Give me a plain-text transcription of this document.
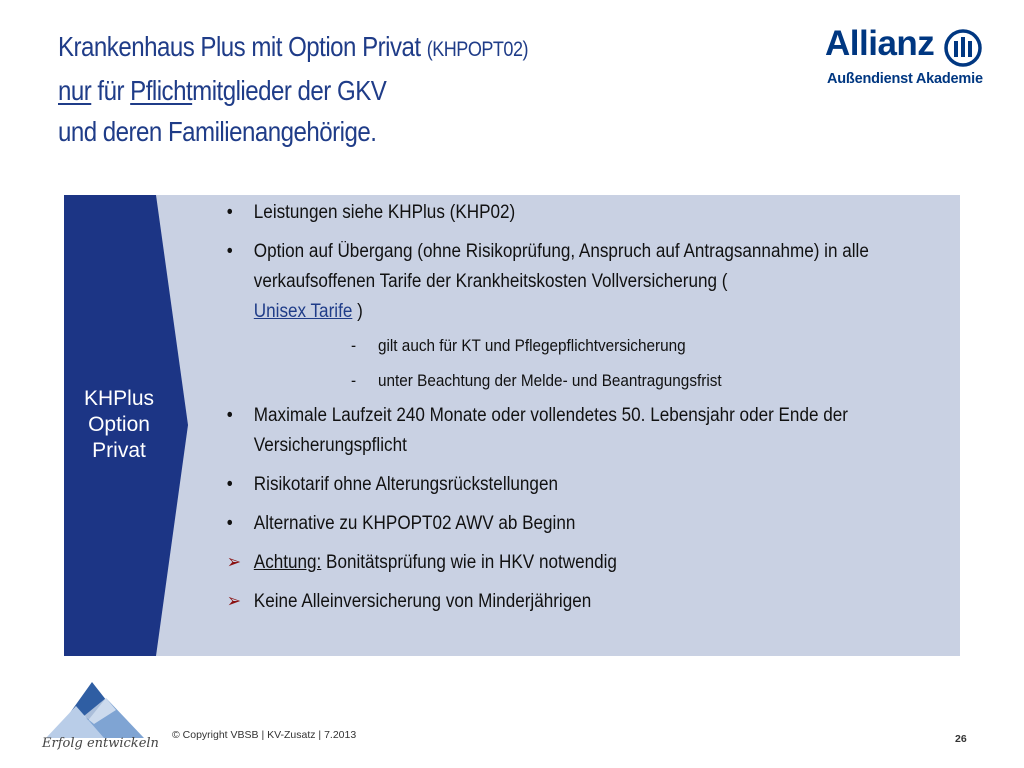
Krankenhaus Plus mit Option Privat (KHPOPT02)
nur für Pflichtmitglieder der GKV
und deren Familienangehörige.
Allianz
Außendienst Akademie
KHPlus
Option
Privat
• Leistungen siehe KHPlus (KHP02)
• Option auf Übergang (ohne Risikoprüfung, Anspruch auf Antragsannahme) in alle verkaufsoffenen Tarife der Krankheitskosten Vollversicherung (
Unisex Tarife )
- gilt auch für KT und Pflegepflichtversicherung
- unter Beachtung der Melde- und Beantragungsfrist
• Maximale Laufzeit 240 Monate oder vollendetes 50. Lebensjahr oder Ende der Versicherungspflicht
• Risikotarif ohne Alterungsrückstellungen
• Alternative zu KHPOPT02 AWV ab Beginn
➢ Achtung: Bonitätsprüfung wie in HKV notwendig
➢ Keine Alleinversicherung von Minderjährigen
Erfolg entwickeln
© Copyright VBSB | KV-Zusatz | 7.2013	26
